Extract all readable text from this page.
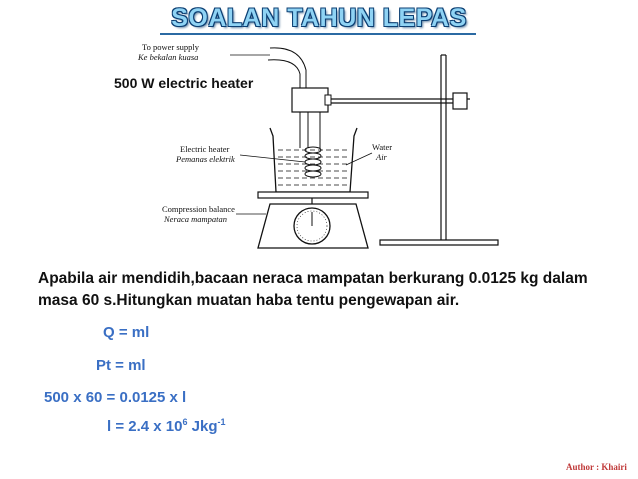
SOALAN TAHUN LEPAS
To power supply
Ke bekalan kuasa
Electric heater
Pemanas elektrik
Water
Air
Compression balance
Neraca mampatan
500 W electric heater

Apabila air mendidih,bacaan neraca mampatan berkurang 0.0125 kg dalam masa 60 s.Hitungkan muatan haba tentu pengewapan air.

Q = ml
Pt = ml
500 x 60 = 0.0125 x l
l = 2.4 x $10^6$ Jkg$^{-1}$
Author : Khairi
